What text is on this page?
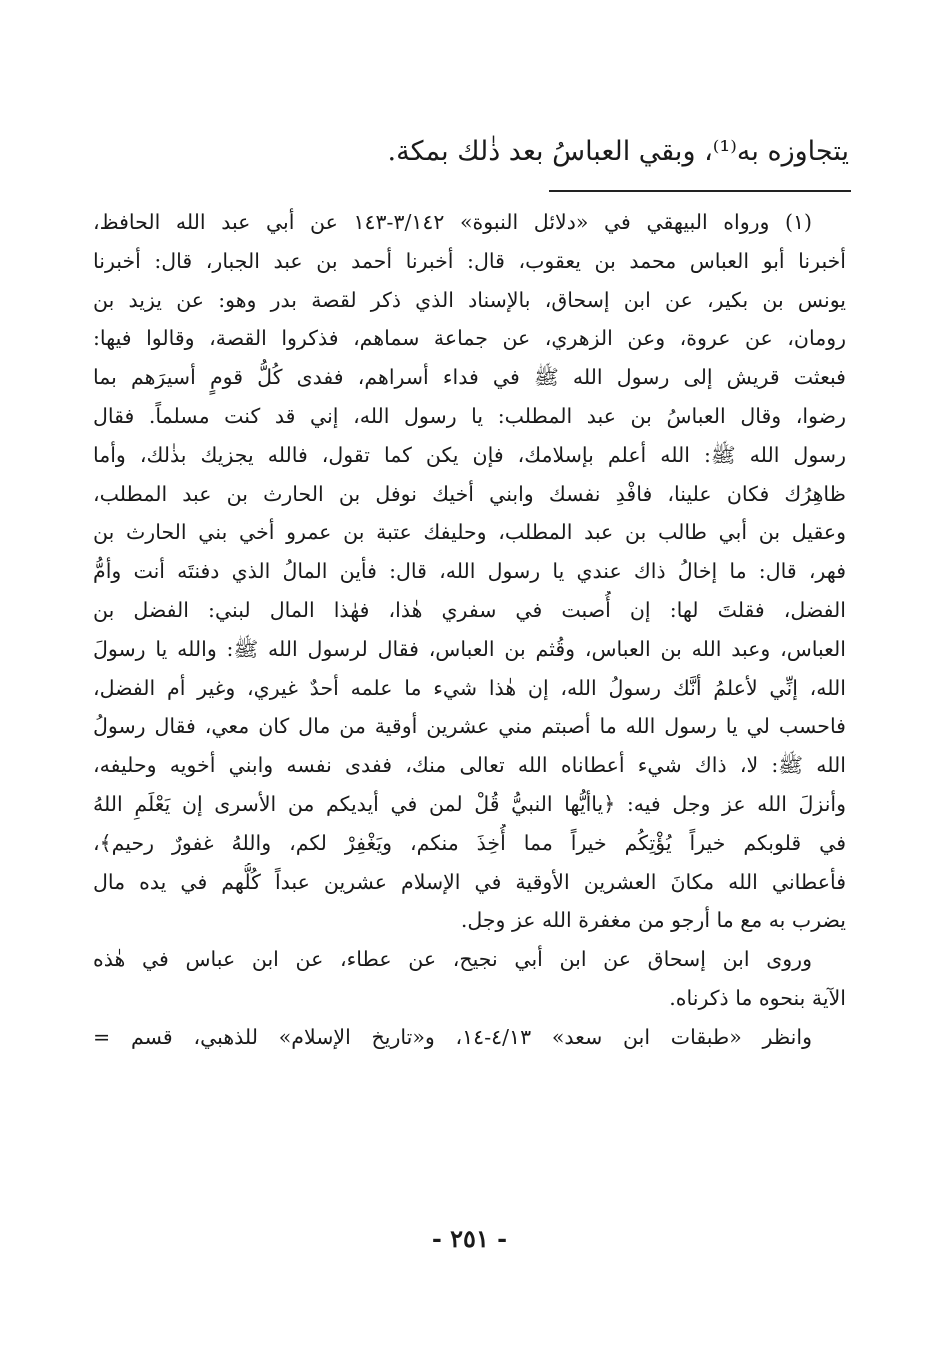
يتجاوزه به⁽¹⁾، وبقي العباسُ بعد ذٰلك بمكة.
(١) ورواه البيهقي في «دلائل النبوة» ٣/١٤٢-١٤٣ عن أبي عبد الله الحافظ،
أخبرنا أبو العباس محمد بن يعقوب، قال: أخبرنا أحمد بن عبد الجبار، قال: أخبرنا
يونس بن بكير، عن ابن إسحاق، بالإسناد الذي ذكر لقصة بدر وهو: عن يزيد بن
رومان، عن عروة، وعن الزهري، عن جماعة سماهم، فذكروا القصة، وقالوا فيها:
فبعثت قريش إلى رسول الله ﷺ في فداء أسراهم، ففدى كُلُّ قومٍ أسيرَهم بما
رضوا، وقال العباسُ بن عبد المطلب: يا رسول الله، إني قد كنت مسلماً. فقال
رسول الله ﷺ: الله أعلم بإسلامك، فإن يكن كما تقول، فالله يجزيك بذٰلك، وأما
ظاهِرُك فكان علينا، فافْدِ نفسك وابني أخيك نوفل بن الحارث بن عبد المطلب،
وعقيل بن أبي طالب بن عبد المطلب، وحليفك عتبة بن عمرو أخي بني الحارث بن
فهر، قال: ما إخالُ ذاك عندي يا رسول الله، قال: فأين المالُ الذي دفنتَه أنت وأمُّ
الفضل، فقلتَ لها: إن أُصبت في سفري هٰذا، فهٰذا المال لبني: الفضل بن
العباس، وعبد الله بن العباس، وقُثم بن العباس، فقال لرسول الله ﷺ: والله يا رسولَ
الله، إنِّي لأعلمُ أنَّك رسولُ الله، إن هٰذا شيء ما علمه أحدٌ غيري، وغير أم الفضل،
فاحسب لي يا رسول الله ما أصبتم مني عشرين أوقية من مال كان معي، فقال رسولُ
الله ﷺ: لا، ذاك شيء أعطاناه الله تعالى منك، ففدى نفسه وابني أخويه وحليفه،
وأنزلَ الله عز وجل فيه: ﴿ياأيُّها النبيُّ قُلْ لمن في أيديكم من الأسرى إن يَعْلَمِ اللهُ
في قلوبكم خيراً يُؤْتِكُم خيراً مما أُخِذَ منكم، ويَغْفِرْ لكم، واللهُ غفورٌ رحيم﴾،
فأعطاني الله مكانَ العشرين الأوقية في الإسلام عشرين عبداً كُلُّهم في يده مال
يضرب به مع ما أرجو من مغفرة الله عز وجل.
وروى ابن إسحاق عن ابن أبي نجيح، عن عطاء، عن ابن عباس في هٰذه
الآية بنحوه ما ذكرناه.
وانظر «طبقات ابن سعد» ٤/١٣-١٤، و«تاريخ الإسلام» للذهبي، قسم =
- ٢٥١ -
